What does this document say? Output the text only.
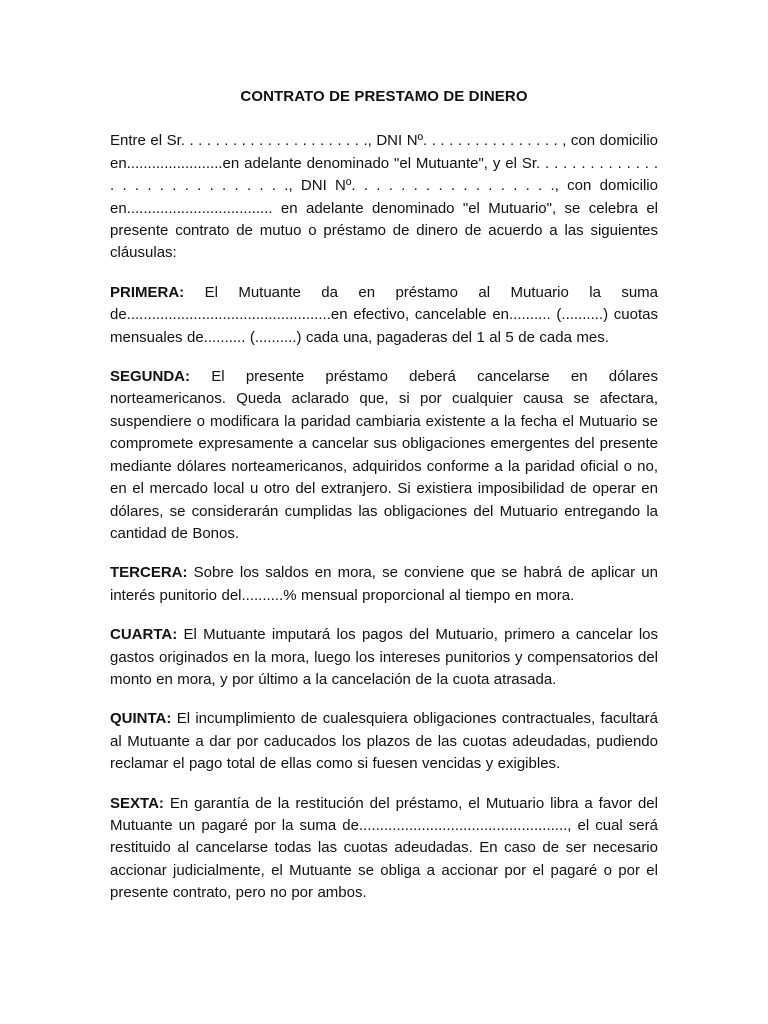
CONTRATO DE PRESTAMO DE DINERO

Entre el Sr. . . . . . . . . . . . . . . . . . . . . ., DNI Nº. . . . . . . . . . . . . . . . , con domicilio en.......................en adelante denominado "el Mutuante", y el Sr. . . . . . . . . . . . . . . . . . . . . . . . . . . . ., DNI Nº. . . . . . . . . . . . . . . . ., con domicilio en................................... en adelante denominado "el Mutuario", se celebra el presente contrato de mutuo o préstamo de dinero de acuerdo a las siguientes cláusulas:

PRIMERA: El Mutuante da en préstamo al Mutuario la suma de.................................................en efectivo, cancelable en.......... (..........) cuotas mensuales de.......... (..........) cada una, pagaderas del 1 al 5 de cada mes.

SEGUNDA: El presente préstamo deberá cancelarse en dólares norteamericanos. Queda aclarado que, si por cualquier causa se afectara, suspendiere o modificara la paridad cambiaria existente a la fecha el Mutuario se compromete expresamente a cancelar sus obligaciones emergentes del presente mediante dólares norteamericanos, adquiridos conforme a la paridad oficial o no, en el mercado local u otro del extranjero. Si existiera imposibilidad de operar en dólares, se considerarán cumplidas las obligaciones del Mutuario entregando la cantidad de Bonos.

TERCERA: Sobre los saldos en mora, se conviene que se habrá de aplicar un interés punitorio del..........% mensual proporcional al tiempo en mora.

CUARTA: El Mutuante imputará los pagos del Mutuario, primero a cancelar los gastos originados en la mora, luego los intereses punitorios y compensatorios del monto en mora, y por último a la cancelación de la cuota atrasada.

QUINTA: El incumplimiento de cualesquiera obligaciones contractuales, facultará al Mutuante a dar por caducados los plazos de las cuotas adeudadas, pudiendo reclamar el pago total de ellas como si fuesen vencidas y exigibles.

SEXTA: En garantía de la restitución del préstamo, el Mutuario libra a favor del Mutuante un pagaré por la suma de.................................................., el cual será restituido al cancelarse todas las cuotas adeudadas. En caso de ser necesario accionar judicialmente, el Mutuante se obliga a accionar por el pagaré o por el presente contrato, pero no por ambos.
